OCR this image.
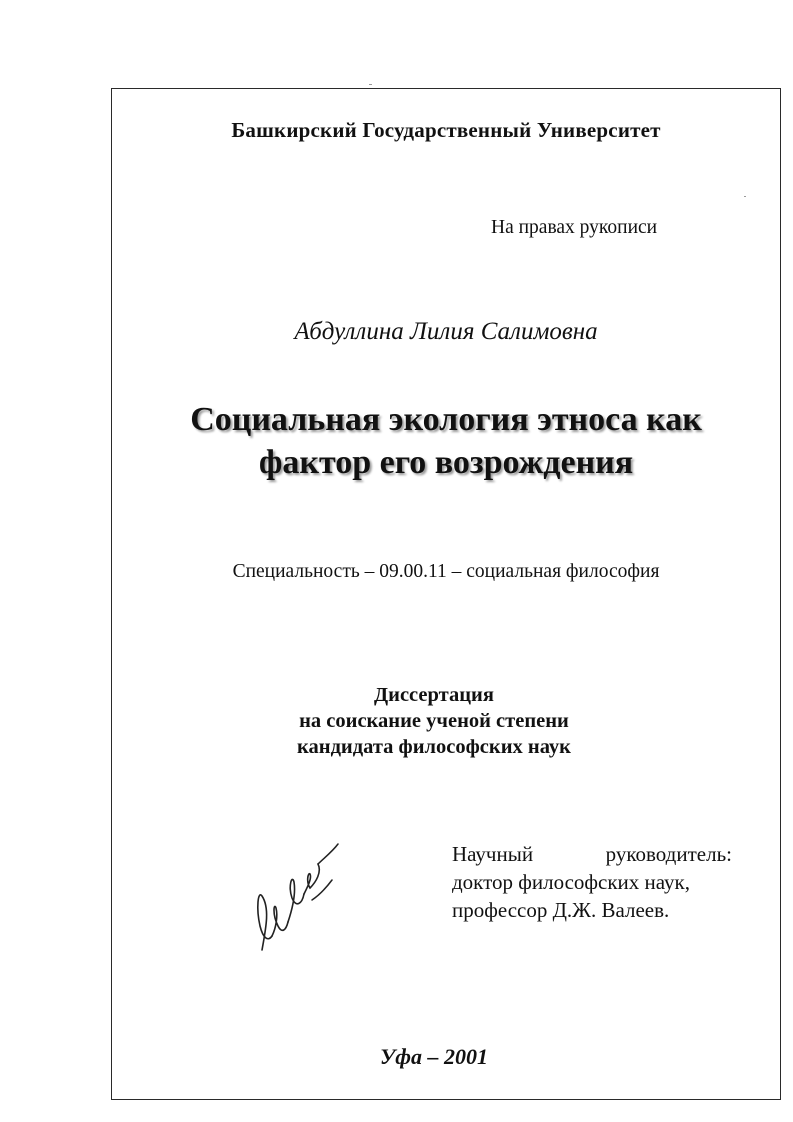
Башкирский Государственный Университет
На правах рукописи
Абдуллина Лилия Салимовна
Социальная экология этноса как
фактор его возрождения
Специальность – 09.00.11 – социальная философия
Диссертация
на соискание ученой степени
кандидата философских наук
Научный	руководитель:
доктор философских наук,
профессор Д.Ж. Валеев.
Уфа – 2001
